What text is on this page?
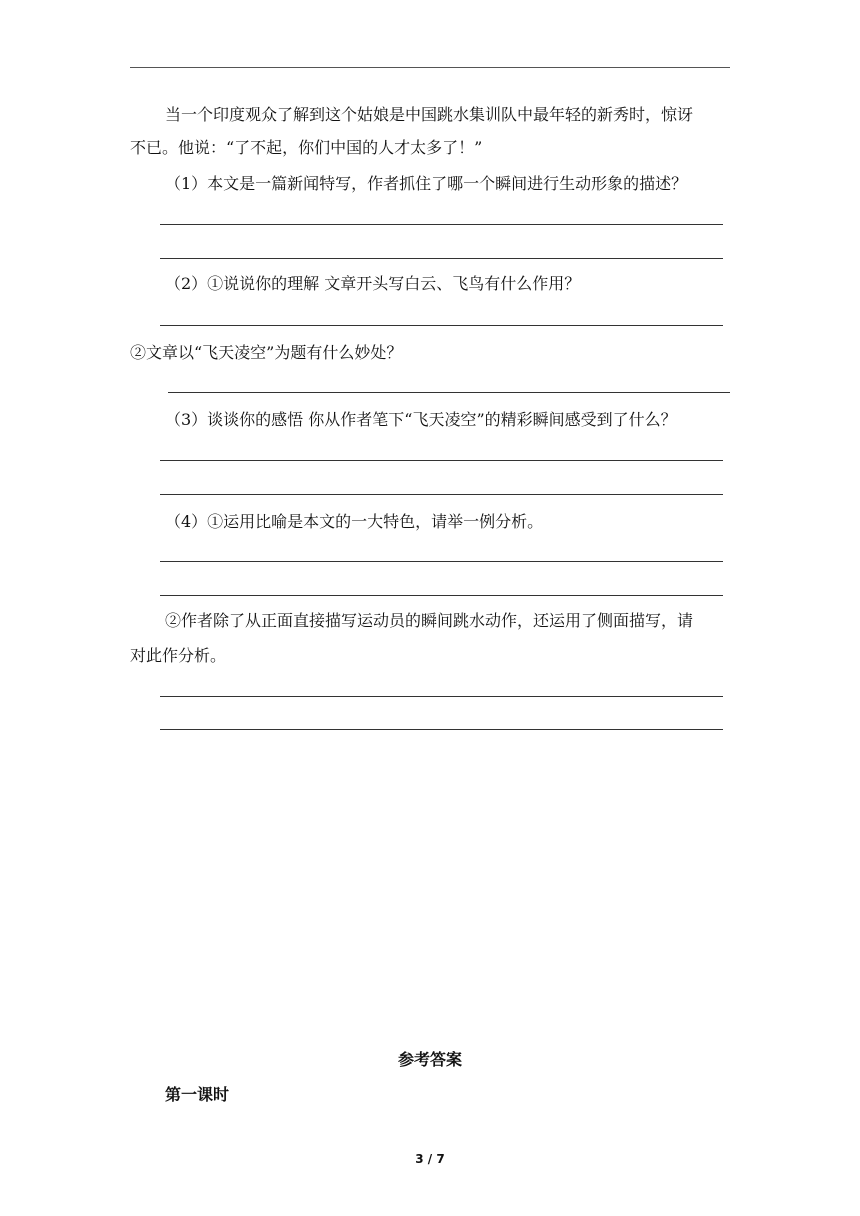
当一个印度观众了解到这个姑娘是中国跳水集训队中最年轻的新秀时，惊讶
不已。他说：“了不起，你们中国的人才太多了！”
（1）本文是一篇新闻特写，作者抓住了哪一个瞬间进行生动形象的描述？
（2）①说说你的理解 文章开头写白云、飞鸟有什么作用？
②文章以“飞天凌空”为题有什么妙处？
（3）谈谈你的感悟 你从作者笔下“飞天凌空”的精彩瞬间感受到了什么？
（4）①运用比喻是本文的一大特色，请举一例分析。
②作者除了从正面直接描写运动员的瞬间跳水动作，还运用了侧面描写，请
对此作分析。
参考答案
第一课时
3 / 7
